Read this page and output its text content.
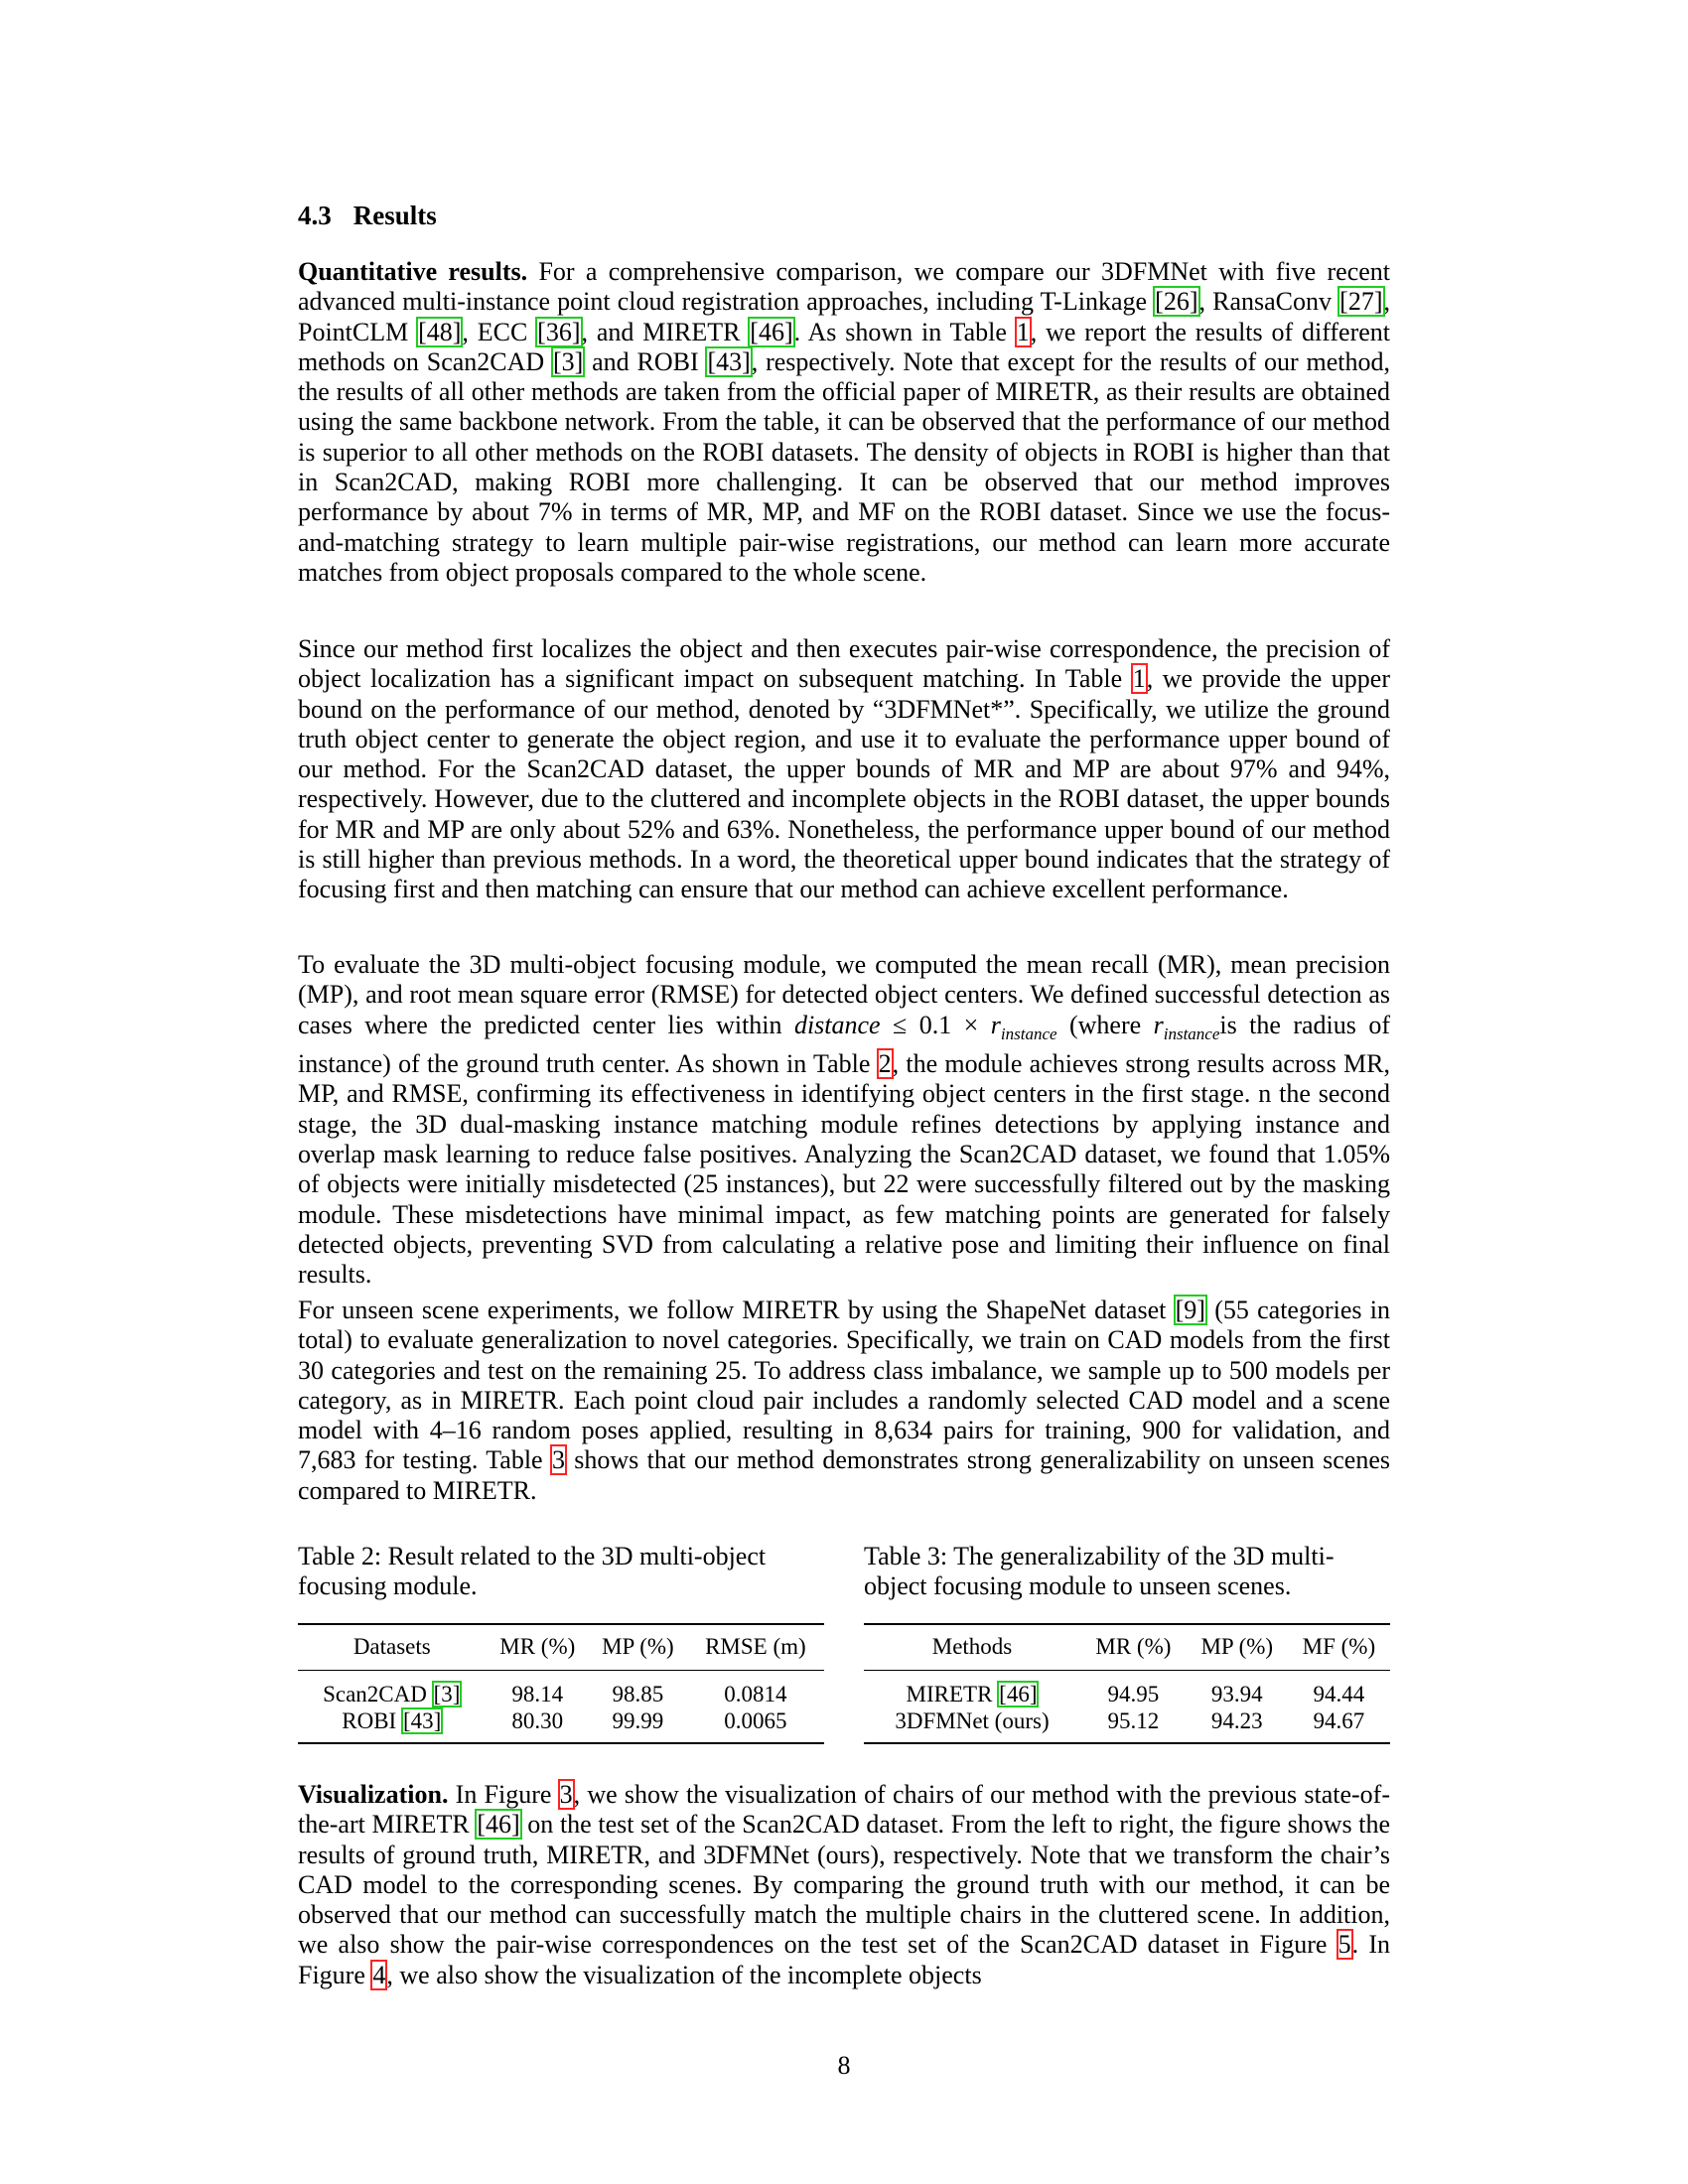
4.3 Results

Quantitative results. For a comprehensive comparison, we compare our 3DFMNet with five recent advanced multi-instance point cloud registration approaches, including T-Linkage [26], RansaConv [27], PointCLM [48], ECC [36], and MIRETR [46]. As shown in Table 1, we report the results of different methods on Scan2CAD [3] and ROBI [43], respectively. Note that except for the results of our method, the results of all other methods are taken from the official paper of MIRETR, as their results are obtained using the same backbone network. From the table, it can be observed that the performance of our method is superior to all other methods on the ROBI datasets. The density of objects in ROBI is higher than that in Scan2CAD, making ROBI more challenging. It can be observed that our method improves performance by about 7% in terms of MR, MP, and MF on the ROBI dataset. Since we use the focus-and-matching strategy to learn multiple pair-wise registrations, our method can learn more accurate matches from object proposals compared to the whole scene.

Since our method first localizes the object and then executes pair-wise correspondence, the precision of object localization has a significant impact on subsequent matching. In Table 1, we provide the upper bound on the performance of our method, denoted by “3DFMNet*”. Specifically, we utilize the ground truth object center to generate the object region, and use it to evaluate the performance upper bound of our method. For the Scan2CAD dataset, the upper bounds of MR and MP are about 97% and 94%, respectively. However, due to the cluttered and incomplete objects in the ROBI dataset, the upper bounds for MR and MP are only about 52% and 63%. Nonetheless, the performance upper bound of our method is still higher than previous methods. In a word, the theoretical upper bound indicates that the strategy of focusing first and then matching can ensure that our method can achieve excellent performance.

To evaluate the 3D multi-object focusing module, we computed the mean recall (MR), mean precision (MP), and root mean square error (RMSE) for detected object centers. We defined successful detection as cases where the predicted center lies within distance ≤ $0.1 \times r_{instance}$ (where $r_{instance}is$ the radius of instance) of the ground truth center. As shown in Table 2, the module achieves strong results across MR, MP, and RMSE, confirming its effectiveness in identifying object centers in the first stage. n the second stage, the 3D dual-masking instance matching module refines detections by applying instance and overlap mask learning to reduce false positives. Analyzing the Scan2CAD dataset, we found that 1.05% of objects were initially misdetected (25 instances), but 22 were successfully filtered out by the masking module. These misdetections have minimal impact, as few matching points are generated for falsely detected objects, preventing SVD from calculating a relative pose and limiting their influence on final results.

For unseen scene experiments, we follow MIRETR by using the ShapeNet dataset [9] (55 categories in total) to evaluate generalization to novel categories. Specifically, we train on CAD models from the first 30 categories and test on the remaining 25. To address class imbalance, we sample up to 500 models per category, as in MIRETR. Each point cloud pair includes a randomly selected CAD model and a scene model with 4–16 random poses applied, resulting in 8,634 pairs for training, 900 for validation, and 7,683 for testing. Table 3 shows that our method demonstrates strong generalizability on unseen scenes compared to MIRETR.

Table 2: Result related to the 3D multi-object focusing module.
Datasets	MR (%)	MP (%)	RMSE (m)
Scan2CAD [3]	98.14	98.85	0.0814
ROBI [43]	80.30	99.99	0.0065
Table 3: The generalizability of the 3D multi-object focusing module to unseen scenes.
Methods	MR (%)	MP (%)	MF (%)
MIRETR [46]	94.95	93.94	94.44
3DFMNet (ours)	95.12	94.23	94.67

Visualization. In Figure 3, we show the visualization of chairs of our method with the previous state-of-the-art MIRETR [46] on the test set of the Scan2CAD dataset. From the left to right, the figure shows the results of ground truth, MIRETR, and 3DFMNet (ours), respectively. Note that we transform the chair’s CAD model to the corresponding scenes. By comparing the ground truth with our method, it can be observed that our method can successfully match the multiple chairs in the cluttered scene. In addition, we also show the pair-wise correspondences on the test set of the Scan2CAD dataset in Figure 5. In Figure 4, we also show the visualization of the incomplete objects

8
